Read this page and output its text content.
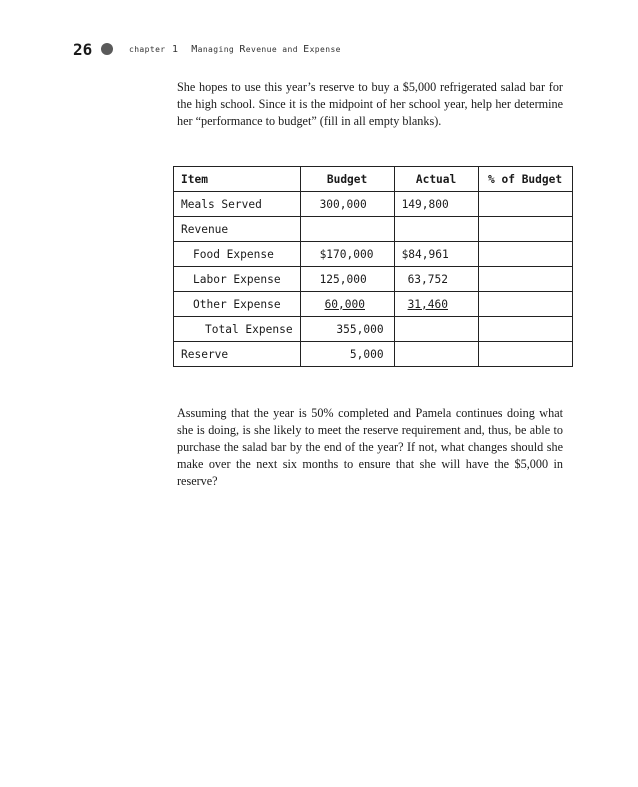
26	chapter 1 Managing Revenue and Expense

She hopes to use this year’s reserve to buy a $5,000 refrigerated salad bar for the high school. Since it is the midpoint of her school year, help her determine her “performance to budget” (fill in all empty blanks).

Item	Budget	Actual	% of Budget
Meals Served	300,000	149,800	
Revenue			
Food Expense	$170,000	$84,961	
Labor Expense	125,000	63,752	
Other Expense	60,000	31,460	
Total Expense	355,000		
Reserve	5,000		

Assuming that the year is 50% completed and Pamela continues doing what she is doing, is she likely to meet the reserve requirement and, thus, be able to purchase the salad bar by the end of the year? If not, what changes should she make over the next six months to ensure that she will have the $5,000 in reserve?
